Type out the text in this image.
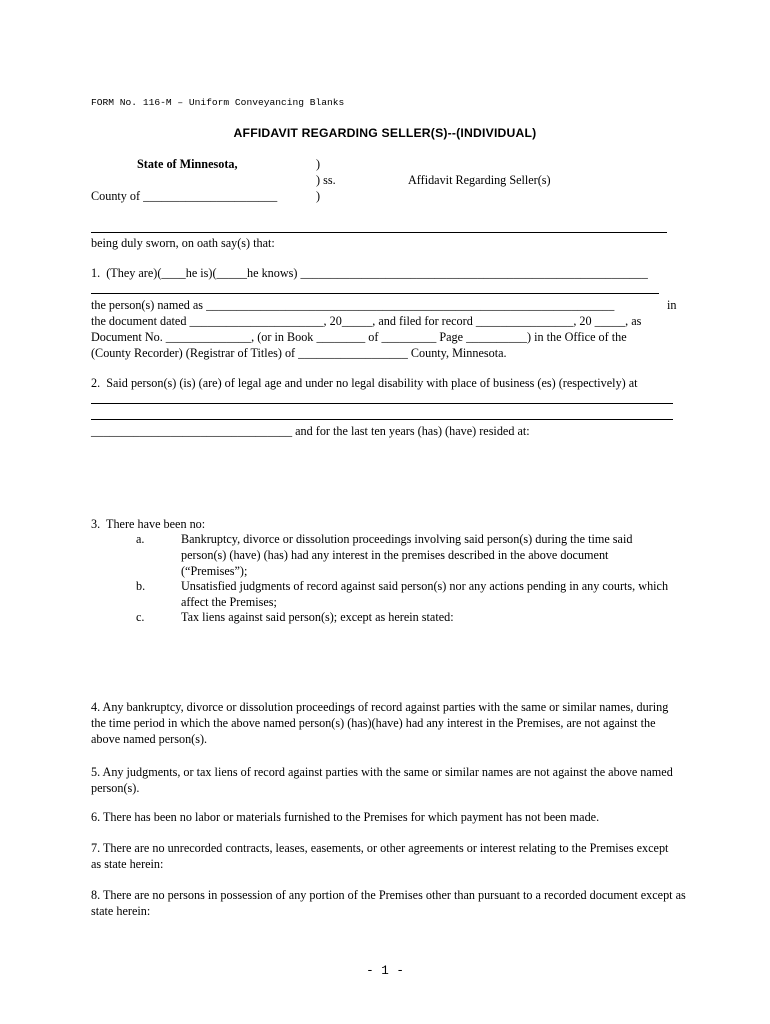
FORM No. 116-M – Uniform Conveyancing Blanks
AFFIDAVIT REGARDING SELLER(S)--(INDIVIDUAL)
State of Minnesota,	)
) ss.	Affidavit Regarding Seller(s)
County of ______________________	)
being duly sworn, on oath say(s) that:
1.  (They are)(____he is)(_____he knows) _________________________________________________________
the person(s) named as ___________________________________________________________________	in
the document dated ______________________, 20_____, and filed for record ________________, 20 _____, as
Document No. ______________, (or in Book ________ of _________ Page __________) in the Office of the
(County Recorder) (Registrar of Titles) of __________________ County, Minnesota.
2.  Said person(s) (is) (are) of legal age and under no legal disability with place of business (es) (respectively) at
_________________________________ and for the last ten years (has) (have) resided at:
3.  There have been no:
a.	Bankruptcy, divorce or dissolution proceedings involving said person(s) during the time said person(s) (have) (has) had any interest in the premises described in the above document (“Premises”);
b.	Unsatisfied judgments of record against said person(s) nor any actions pending in any courts, which affect the Premises;
c.	Tax liens against said person(s); except as herein stated:
4. Any bankruptcy, divorce or dissolution proceedings of record against parties with the same or similar names, during the time period in which the above named person(s) (has)(have) had any interest in the Premises, are not against the above named person(s).
5. Any judgments, or tax liens of record against parties with the same or similar names are not against the above named person(s).
6. There has been no labor or materials furnished to the Premises for which payment has not been made.
7. There are no unrecorded contracts, leases, easements, or other agreements or interest relating to the Premises except as state herein:
8. There are no persons in possession of any portion of the Premises other than pursuant to a recorded document except as state herein:
- 1 -
